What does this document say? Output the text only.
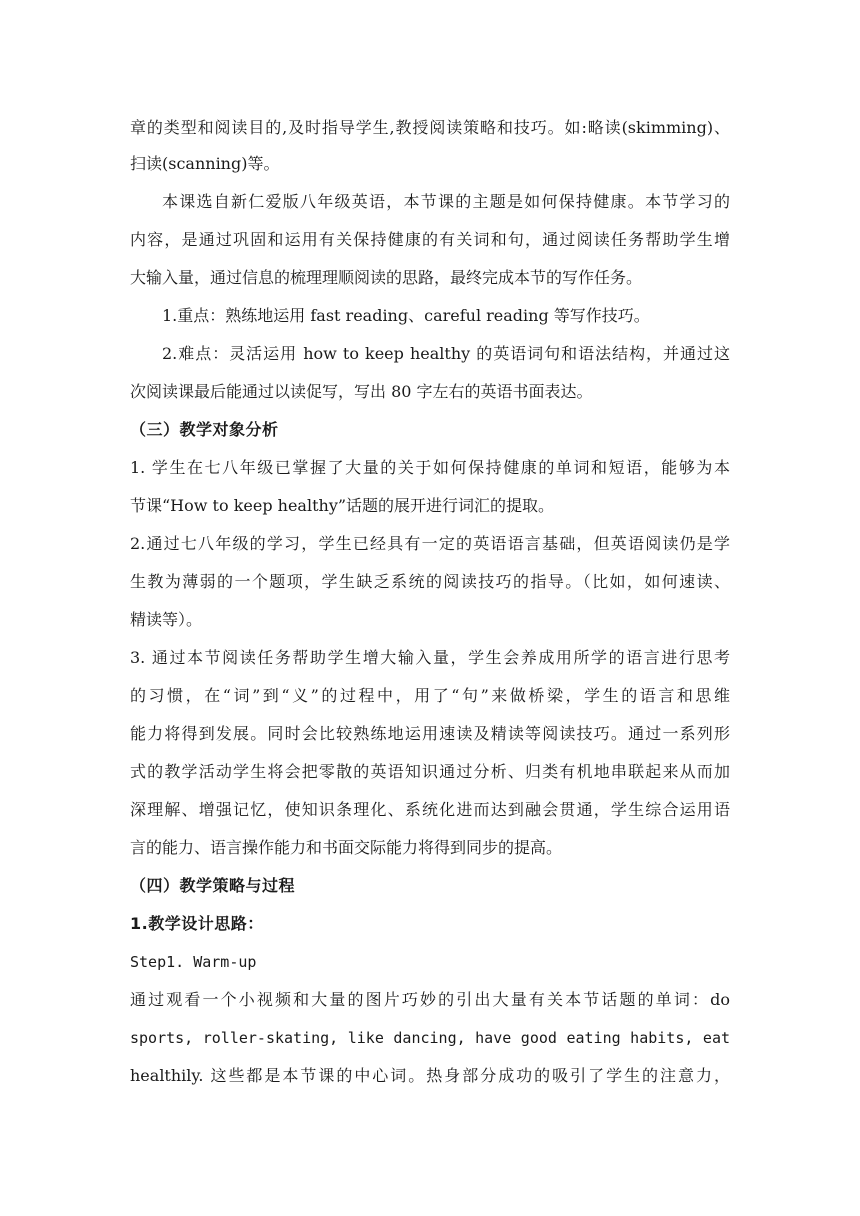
章的类型和阅读目的,及时指导学生,教授阅读策略和技巧。如:略读(skimming)、
扫读(scanning)等。
本课选自新仁爱版八年级英语，本节课的主题是如何保持健康。本节学习的
内容，是通过巩固和运用有关保持健康的有关词和句，通过阅读任务帮助学生增
大输入量，通过信息的梳理理顺阅读的思路，最终完成本节的写作任务。
1.重点：熟练地运用 fast reading、careful reading 等写作技巧。
2.难点：灵活运用 how to keep healthy 的英语词句和语法结构，并通过这
次阅读课最后能通过以读促写，写出 80 字左右的英语书面表达。
（三）教学对象分析
1. 学生在七八年级已掌握了大量的关于如何保持健康的单词和短语，能够为本
节课“How to keep healthy”话题的展开进行词汇的提取。
2.通过七八年级的学习，学生已经具有一定的英语语言基础，但英语阅读仍是学
生教为薄弱的一个题项，学生缺乏系统的阅读技巧的指导。（比如，如何速读、
精读等）。
3. 通过本节阅读任务帮助学生增大输入量，学生会养成用所学的语言进行思考
的习惯，在“词”到“义”的过程中，用了“句”来做桥梁，学生的语言和思维
能力将得到发展。同时会比较熟练地运用速读及精读等阅读技巧。通过一系列形
式的教学活动学生将会把零散的英语知识通过分析、归类有机地串联起来从而加
深理解、增强记忆，使知识条理化、系统化进而达到融会贯通，学生综合运用语
言的能力、语言操作能力和书面交际能力将得到同步的提高。
（四）教学策略与过程
1.教学设计思路：
Step1. Warm-up
通过观看一个小视频和大量的图片巧妙的引出大量有关本节话题的单词：do
sports, roller-skating, like dancing, have good eating habits, eat
healthily. 这些都是本节课的中心词。热身部分成功的吸引了学生的注意力，
